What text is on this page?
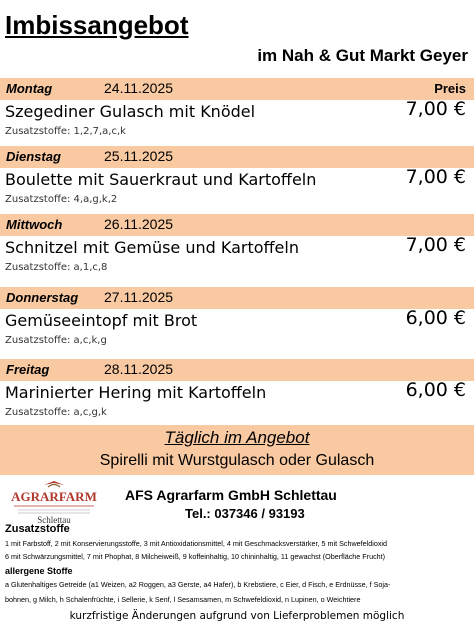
Imbissangebot
im Nah & Gut Markt Geyer
Montag	24.11.2025	Preis
Szegediner Gulasch mit Knödel	7,00 €
Zusatzstoffe: 1,2,7,a,c,k
Dienstag	25.11.2025
Boulette mit Sauerkraut und Kartoffeln	7,00 €
Zusatzstoffe: 4,a,g,k,2
Mittwoch	26.11.2025
Schnitzel mit Gemüse und Kartoffeln	7,00 €
Zusatzstoffe: a,1,c,8
Donnerstag 27.11.2025
Gemüseeintopf mit Brot	6,00 €
Zusatzstoffe: a,c,k,g
Freitag	28.11.2025
Marinierter Hering mit Kartoffeln	6,00 €
Zusatzstoffe: a,c,g,k
Täglich im Angebot
Spirelli mit Wurstgulasch oder Gulasch
AGRARFARM
Schlettau
AFS Agrarfarm GmbH Schlettau
Tel.: 037346 / 93193
Zusatzstoffe
1 mit Farbstoff, 2 mit Konservierungsstoffe, 3 mit Antioxidationsmittel, 4 mit Geschmacksverstärker, 5 mit Schwefeldioxid
6 mit Schwärzungsmittel, 7 mit Phophat, 8 Milcheiweiß, 9 koffeinhaltig, 10 chininhaltig, 11 gewachst (Oberfläche Frucht)
allergene Stoffe
a Glutenhaltiges Getreide (a1 Weizen, a2 Roggen, a3 Gerste, a4 Hafer), b Krebstiere, c Eier, d Fisch, e Erdnüsse, f Soja-
bohnen, g Milch, h Schalenfrüchte, i Sellerie, k Senf, l Sesamsamen, m Schwefeldioxid, n Lupinen, o Weichtiere
kurzfristige Änderungen aufgrund von Lieferproblemen möglich
